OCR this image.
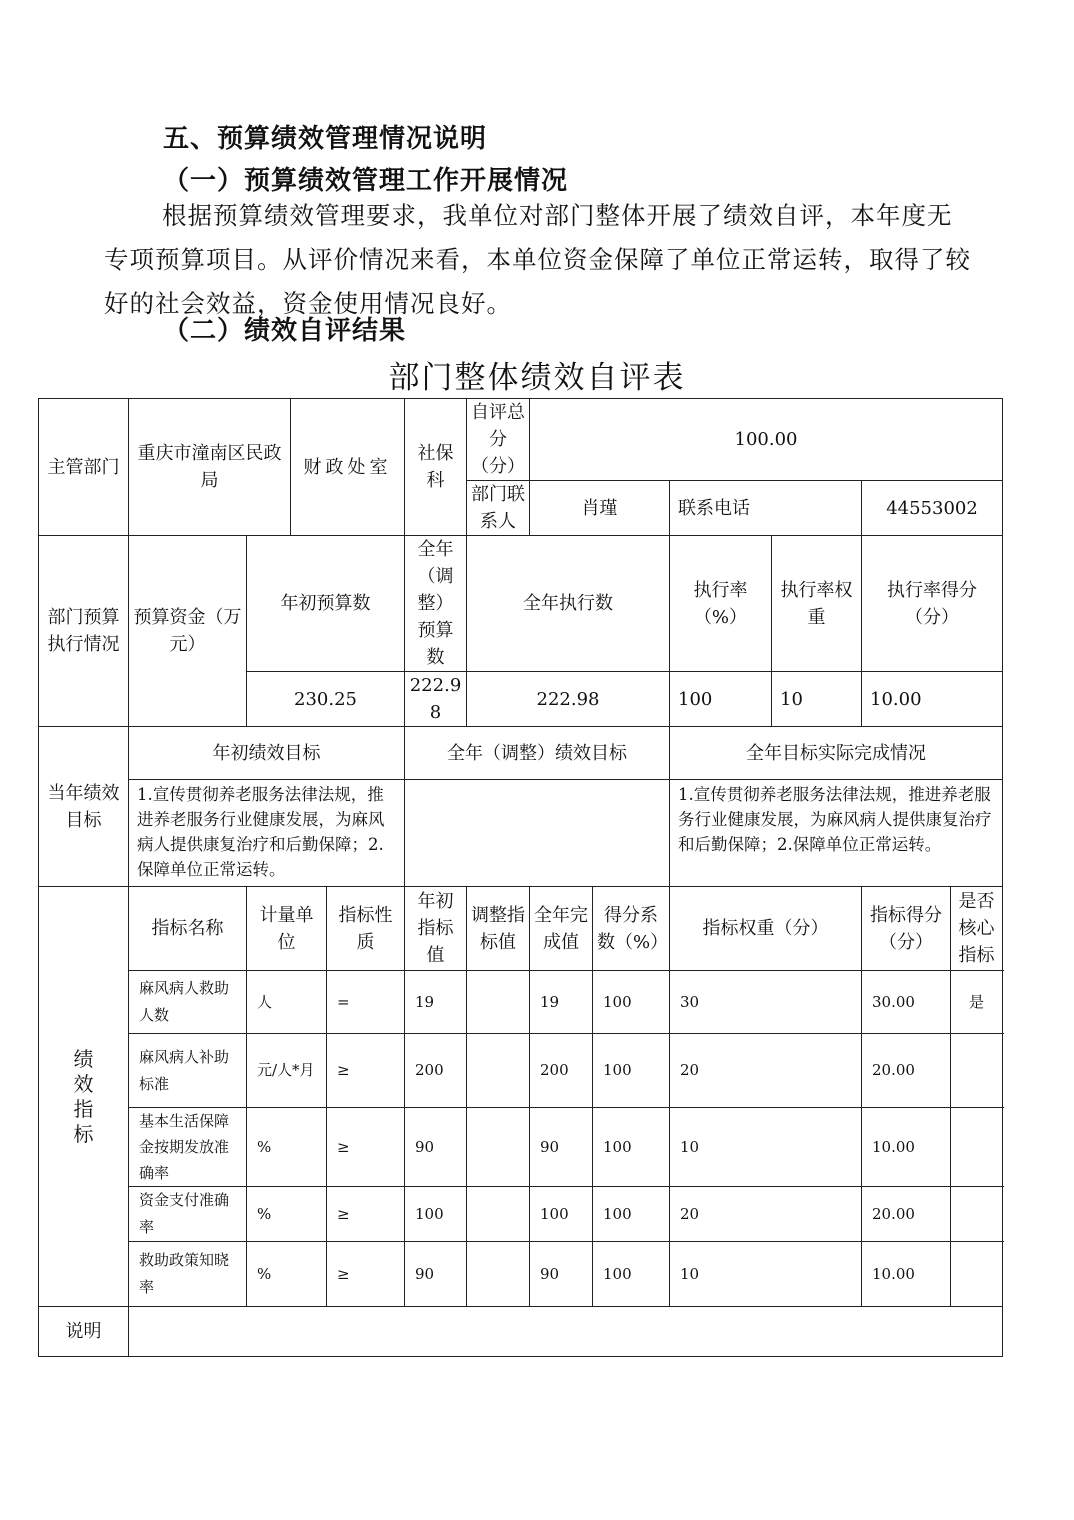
五、预算绩效管理情况说明
（一）预算绩效管理工作开展情况
根据预算绩效管理要求，我单位对部门整体开展了绩效自评，本年度无专项预算项目。从评价情况来看，本单位资金保障了单位正常运转，取得了较好的社会效益，资金使用情况良好。
（二）绩效自评结果
部门整体绩效自评表
主管部门	重庆市潼南区民政局		财政处室		社保科	自评总分（分）	100.00					
						部门联系人	肖瑾		联系电话		44553002	
部门预算执行情况	预算资金（万元）	年初预算数			全年（调整）预算数	全年执行数			执行率（%）	执行率权重	执行率得分（分）	
		230.25			222.98	222.98			100	10	10.00	
当年绩效目标	年初绩效目标				全年（调整）绩效目标				全年目标实际完成情况			
	1.宣传贯彻养老服务法律法规，推进养老服务行业健康发展，为麻风病人提供康复治疗和后勤保障；2.保障单位正常运转。								1.宣传贯彻养老服务法律法规，推进养老服务行业健康发展，为麻风病人提供康复治疗和后勤保障；2.保障单位正常运转。			

绩效指标	指标名称	计量单位		指标性质	年初指标值	调整指标值	全年完成值	得分系数（%）	指标权重（分）		指标得分（分）	是否核心指标
	麻风病人救助人数	人		=	19		19	100	30		30.00	是
	麻风病人补助标准	元/人*月		≥	200		200	100	20		20.00	
	基本生活保障金按期发放准确率	%		≥	90		90	100	10		10.00	
	资金支付准确率	%		≥	100		100	100	20		20.00	
	救助政策知晓率	%		≥	90		90	100	10		10.00	
说明												
